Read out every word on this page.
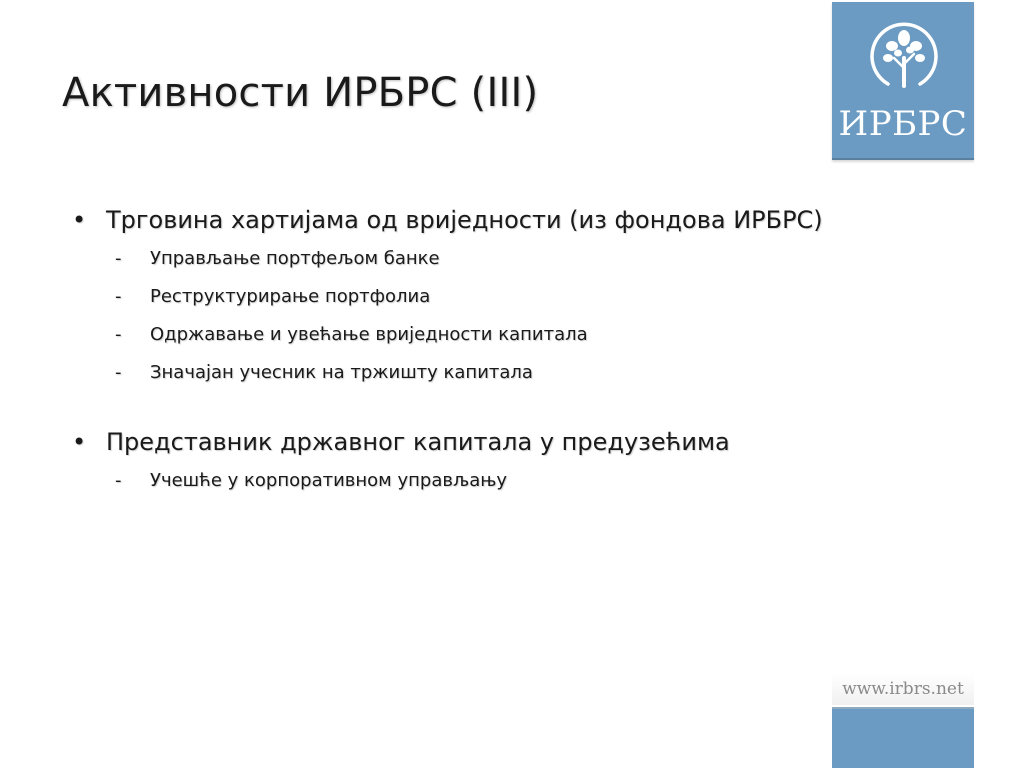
Активности ИРБРС (III)
ИРБРС
• Трговина хартијама од вриједности (из фондова ИРБРС)
- Управљање портфељом банке
- Реструктурирање портфолиа
- Одржавање и увећање вриједности капитала
- Значајан учесник на тржишту капитала
• Представник државног капитала у предузећима
- Учешће у корпоративном управљању
www.irbrs.net
